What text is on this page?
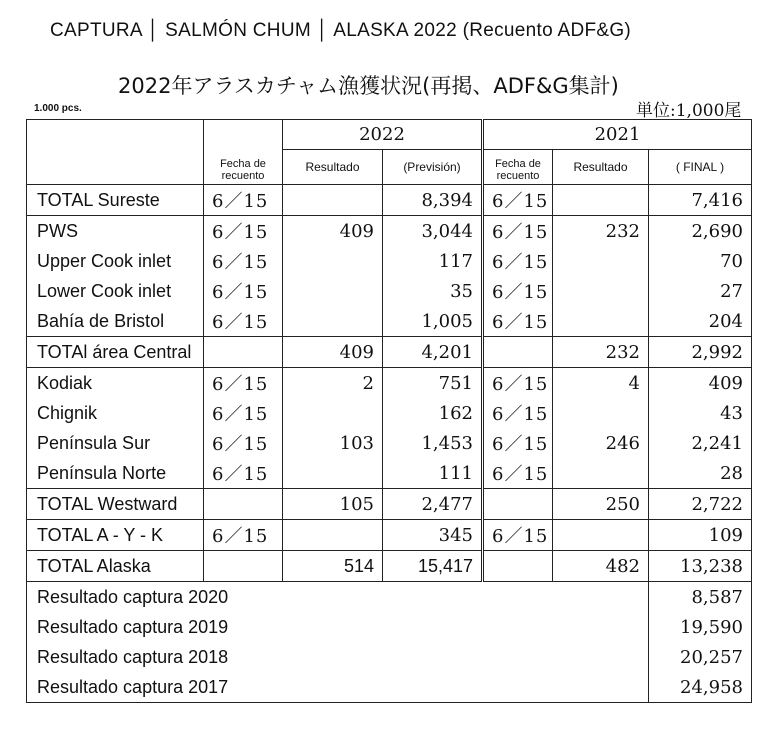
CAPTURA │ SALMÓN CHUM │ ALASKA 2022 (Recuento ADF&G)
2022年アラスカチャム漁獲状況(再掲、ADF&G集計)
1.000 pcs.	単位:1,000尾
		2022		2021		
	Fecha de recuento	Resultado	(Previsión)	Fecha de recuento	Resultado	( FINAL )
TOTAL Sureste	6／15		8,394	6／15		7,416
PWS	6／15	409	3,044	6／15	232	2,690
Upper Cook inlet	6／15		117	6／15		70
Lower Cook inlet	6／15		35	6／15		27
Bahía de Bristol	6／15		1,005	6／15		204
TOTAl área Central		409	4,201		232	2,992
Kodiak	6／15	2	751	6／15	4	409
Chignik	6／15		162	6／15		43
Península Sur	6／15	103	1,453	6／15	246	2,241
Península Norte	6／15		111	6／15		28
TOTAL Westward		105	2,477		250	2,722
TOTAL A - Y - K	6／15		345	6／15		109
TOTAL Alaska		514	15,417		482	13,238
Resultado captura 2020						8,587
Resultado captura 2019						19,590
Resultado captura 2018						20,257
Resultado captura 2017						24,958
